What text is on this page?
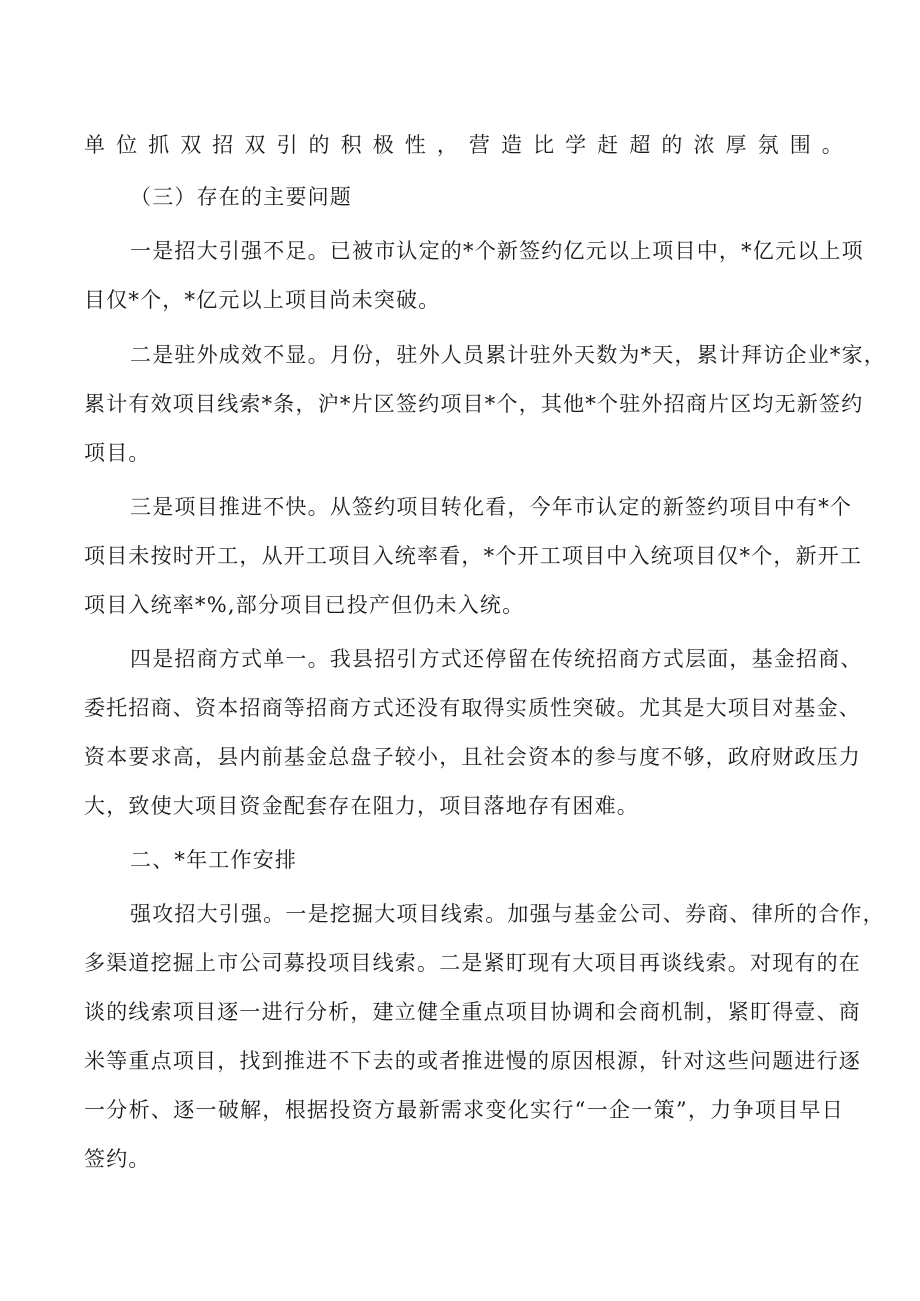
单位抓双招双引的积极性，营造比学赶超的浓厚氛围。
（三）存在的主要问题
一是招大引强不足。已被市认定的*个新签约亿元以上项目中，*亿元以上项
目仅*个，*亿元以上项目尚未突破。
二是驻外成效不显。月份，驻外人员累计驻外天数为*天，累计拜访企业*家，
累计有效项目线索*条，沪*片区签约项目*个，其他*个驻外招商片区均无新签约
项目。
三是项目推进不快。从签约项目转化看，今年市认定的新签约项目中有*个
项目未按时开工，从开工项目入统率看，*个开工项目中入统项目仅*个，新开工
项目入统率*%,部分项目已投产但仍未入统。
四是招商方式单一。我县招引方式还停留在传统招商方式层面，基金招商、
委托招商、资本招商等招商方式还没有取得实质性突破。尤其是大项目对基金、
资本要求高，县内前基金总盘子较小，且社会资本的参与度不够，政府财政压力
大，致使大项目资金配套存在阻力，项目落地存有困难。
二、*年工作安排
强攻招大引强。一是挖掘大项目线索。加强与基金公司、券商、律所的合作，
多渠道挖掘上市公司募投项目线索。二是紧盯现有大项目再谈线索。对现有的在
谈的线索项目逐一进行分析，建立健全重点项目协调和会商机制，紧盯得壹、商
米等重点项目，找到推进不下去的或者推进慢的原因根源，针对这些问题进行逐
一分析、逐一破解，根据投资方最新需求变化实行“一企一策”，力争项目早日
签约。
